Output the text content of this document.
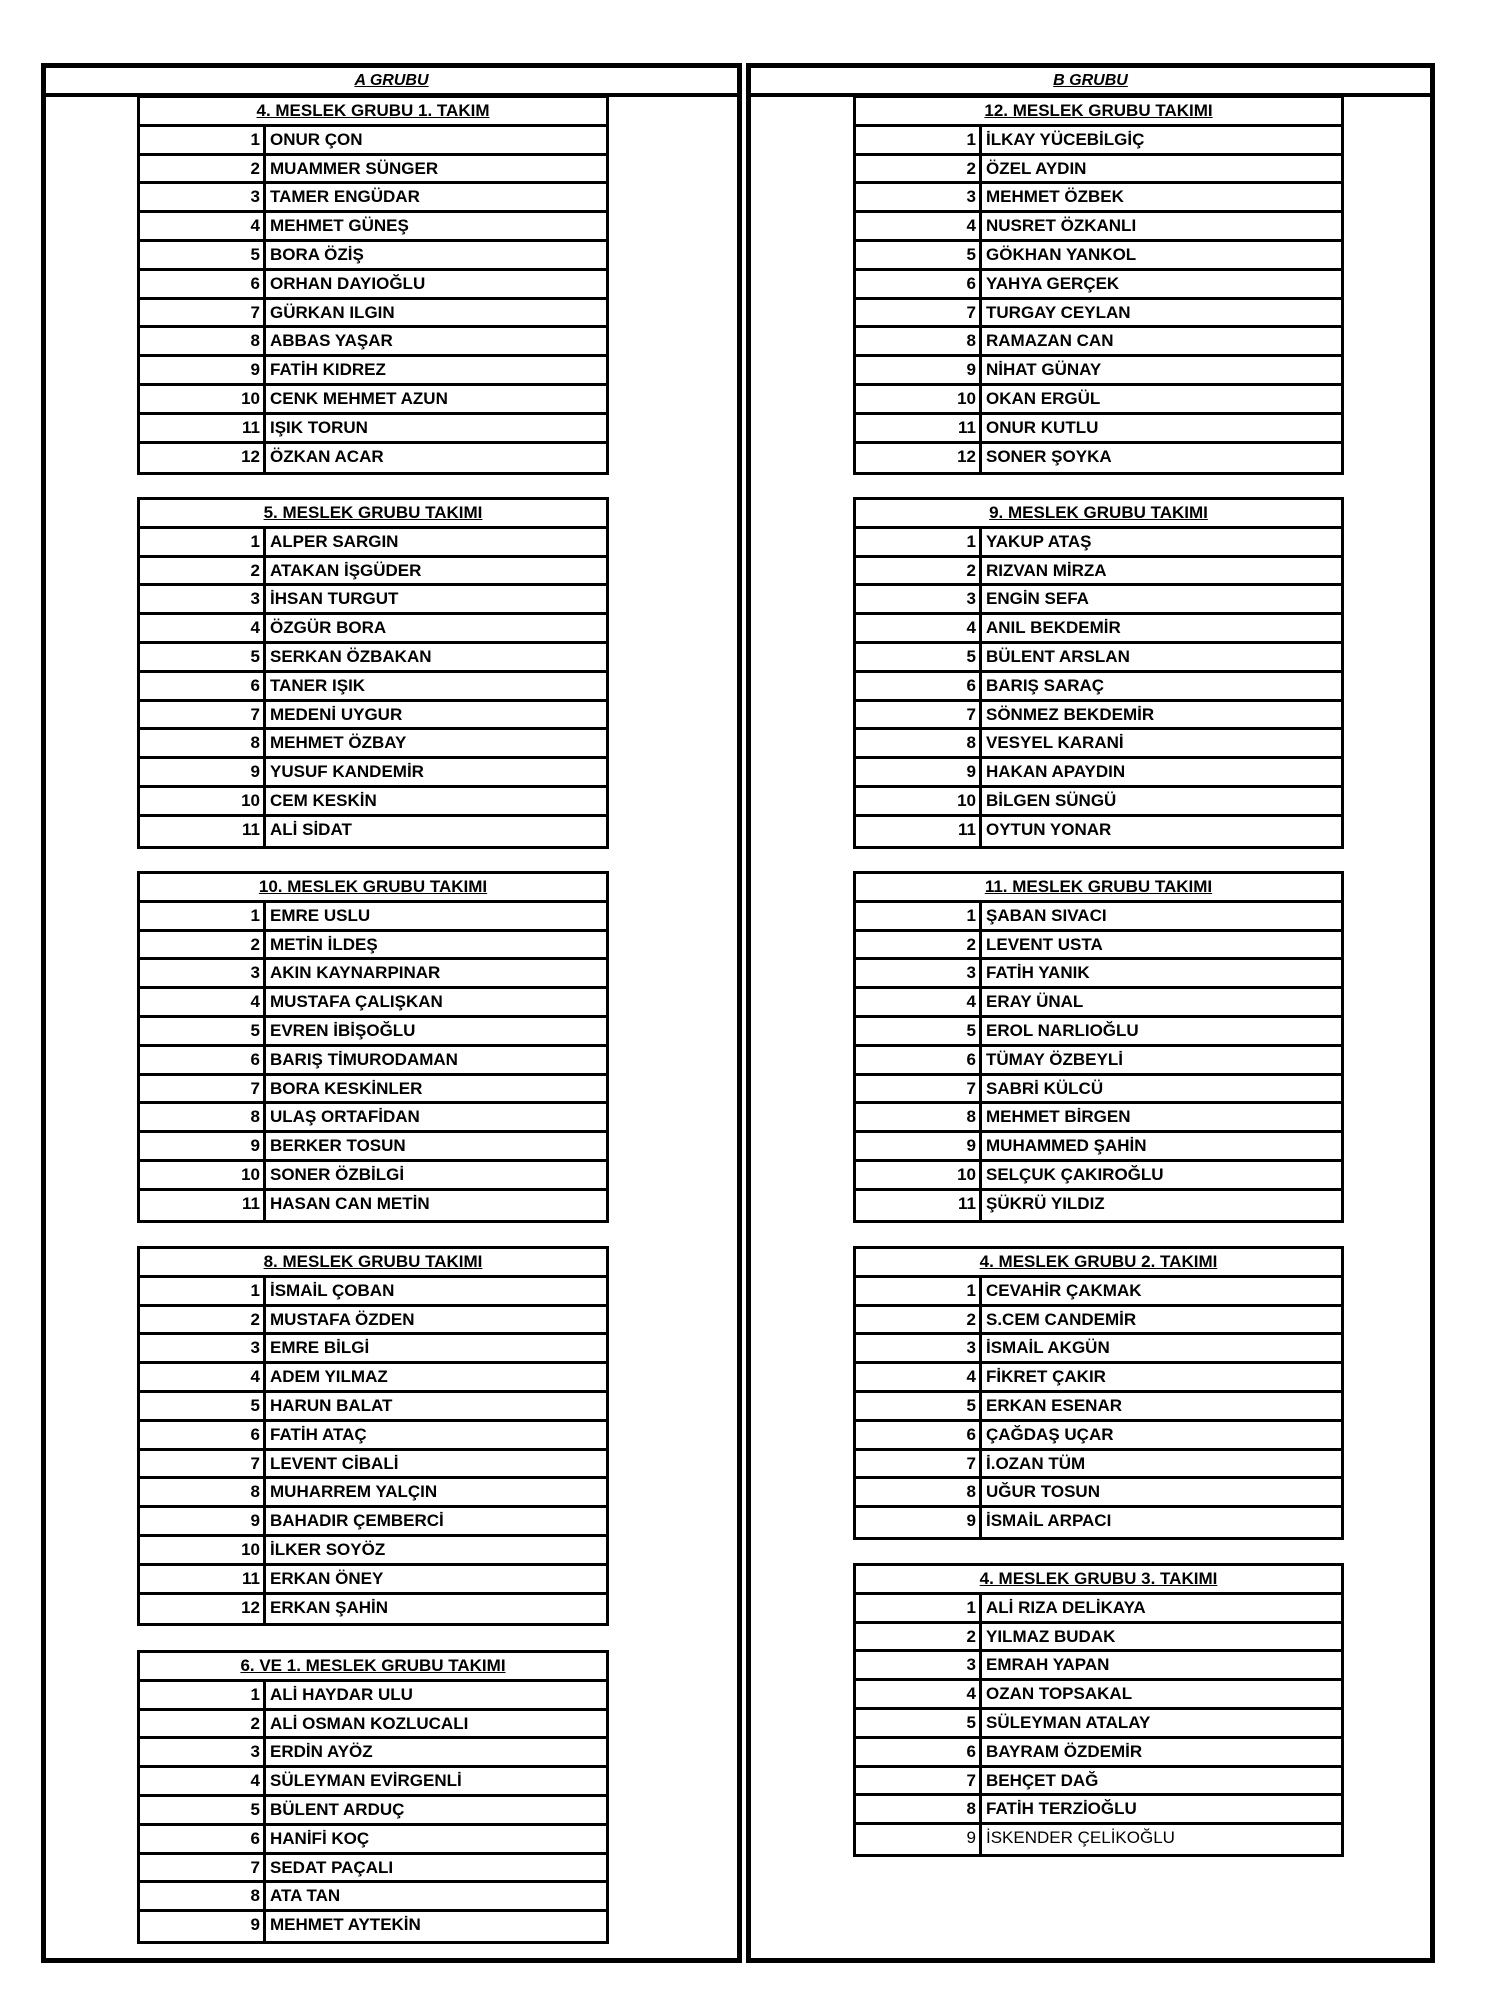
A GRUBU
4. MESLEK GRUBU 1. TAKIM
1 ONUR ÇON
2 MUAMMER SÜNGER
3 TAMER ENGÜDAR
4 MEHMET GÜNEŞ
5 BORA ÖZİŞ
6 ORHAN DAYIOĞLU
7 GÜRKAN ILGIN
8 ABBAS YAŞAR
9 FATİH KIDREZ
10 CENK MEHMET AZUN
11 IŞIK TORUN
12 ÖZKAN ACAR
5. MESLEK GRUBU TAKIMI
1 ALPER SARGIN
2 ATAKAN İŞGÜDER
3 İHSAN TURGUT
4 ÖZGÜR BORA
5 SERKAN ÖZBAKAN
6 TANER IŞIK
7 MEDENİ UYGUR
8 MEHMET ÖZBAY
9 YUSUF KANDEMİR
10 CEM KESKİN
11 ALİ SİDAT
10. MESLEK GRUBU TAKIMI
1 EMRE USLU
2 METİN İLDEŞ
3 AKIN KAYNARPINAR
4 MUSTAFA ÇALIŞKAN
5 EVREN İBİŞOĞLU
6 BARIŞ TİMURODAMAN
7 BORA KESKİNLER
8 ULAŞ ORTAFİDAN
9 BERKER TOSUN
10 SONER ÖZBİLGİ
11 HASAN CAN METİN
8. MESLEK GRUBU TAKIMI
1 İSMAİL ÇOBAN
2 MUSTAFA ÖZDEN
3 EMRE BİLGİ
4 ADEM YILMAZ
5 HARUN BALAT
6 FATİH ATAÇ
7 LEVENT CİBALİ
8 MUHARREM YALÇIN
9 BAHADIR ÇEMBERCİ
10 İLKER SOYÖZ
11 ERKAN ÖNEY
12 ERKAN ŞAHİN
6. VE 1. MESLEK GRUBU TAKIMI
1 ALİ HAYDAR ULU
2 ALİ OSMAN KOZLUCALI
3 ERDİN AYÖZ
4 SÜLEYMAN EVİRGENLİ
5 BÜLENT ARDUÇ
6 HANİFİ KOÇ
7 SEDAT PAÇALI
8 ATA TAN
9 MEHMET AYTEKİN
B GRUBU
12. MESLEK GRUBU TAKIMI
1 İLKAY YÜCEBİLGİÇ
2 ÖZEL AYDIN
3 MEHMET ÖZBEK
4 NUSRET ÖZKANLI
5 GÖKHAN YANKOL
6 YAHYA GERÇEK
7 TURGAY CEYLAN
8 RAMAZAN CAN
9 NİHAT GÜNAY
10 OKAN ERGÜL
11 ONUR KUTLU
12 SONER ŞOYKA
9. MESLEK GRUBU TAKIMI
1 YAKUP ATAŞ
2 RIZVAN MİRZA
3 ENGİN SEFA
4 ANIL BEKDEMİR
5 BÜLENT ARSLAN
6 BARIŞ SARAÇ
7 SÖNMEZ BEKDEMİR
8 VESYEL KARANİ
9 HAKAN APAYDIN
10 BİLGEN SÜNGÜ
11 OYTUN YONAR
11. MESLEK GRUBU TAKIMI
1 ŞABAN SIVACI
2 LEVENT USTA
3 FATİH YANIK
4 ERAY ÜNAL
5 EROL NARLIOĞLU
6 TÜMAY ÖZBEYLİ
7 SABRİ KÜLCÜ
8 MEHMET BİRGEN
9 MUHAMMED ŞAHİN
10 SELÇUK ÇAKIROĞLU
11 ŞÜKRÜ YILDIZ
4. MESLEK GRUBU 2. TAKIMI
1 CEVAHİR ÇAKMAK
2 S.CEM CANDEMİR
3 İSMAİL AKGÜN
4 FİKRET ÇAKIR
5 ERKAN ESENAR
6 ÇAĞDAŞ UÇAR
7 İ.OZAN TÜM
8 UĞUR TOSUN
9 İSMAİL ARPACI
4. MESLEK GRUBU 3. TAKIMI
1 ALİ RIZA DELİKAYA
2 YILMAZ BUDAK
3 EMRAH YAPAN
4 OZAN TOPSAKAL
5 SÜLEYMAN ATALAY
6 BAYRAM ÖZDEMİR
7 BEHÇET DAĞ
8 FATİH TERZİOĞLU
9 İSKENDER ÇELİKOĞLU
